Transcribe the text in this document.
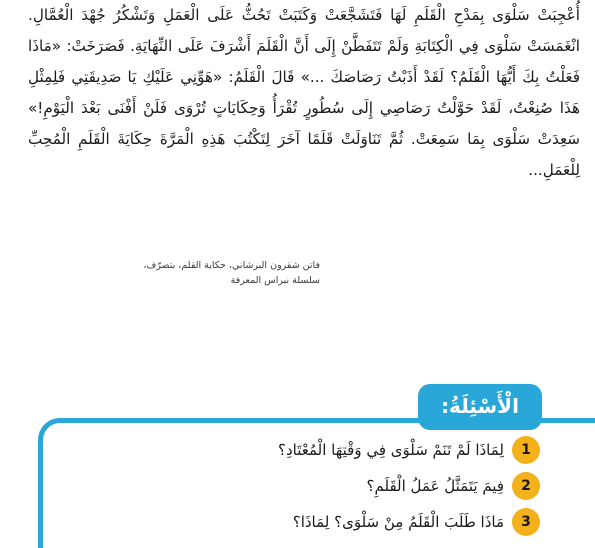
أُعْجِبَتْ سَلْوَى بِمَدْحِ الْقَلَمِ لَهَا فَتَشَجَّعَتْ وَكَتَبَتْ تَحُثُّ عَلَى الْعَمَلِ وَتَشْكُرُ جُهْدَ الْعُمَّالِ. انْغَمَسَتْ سَلْوَى فِي الْكِتَابَةِ وَلَمْ تَتَفَطَّنْ إِلَى أَنَّ الْقَلَمَ أَشْرَفَ عَلَى النِّهَايَةِ. فَصَرَخَتْ: «مَاذَا فَعَلْتُ بِكَ أَيُّهَا الْقَلَمُ؟ لَقَدْ أَذَبْتُ رَصَاصَكَ ...» قَالَ الْقَلَمُ: «هَوِّنِي عَلَيْكِ يَا صَدِيقَتِي فَلِمِثْلِ هَذَا صُنِعْتُ، لَقَدْ حَوَّلْتُ رَصَاصِي إِلَى سُطُورٍ تُقْرَأُ وَحِكَايَاتٍ تُرْوَى فَلَنْ أَفْنَى بَعْدَ الْيَوْمِ!» سَعِدَتْ سَلْوَى بِمَا سَمِعَتْ. ثُمَّ تَنَاوَلَتْ قَلَمًا آخَرَ لِتَكْتُبَ هَذِهِ الْمَرَّةَ حِكَايَةَ الْقَلَمِ الْمُحِبِّ لِلْعَمَلِ...

فاتن شقرون البرشاني، حكاية القلم، بتصرّف،
سلسلة نبراس المعرفة
الْأَسْئِلَةُ:
1
لِمَاذَا لَمْ تَنَمْ سَلْوَى فِي وَقْتِهَا الْمُعْتَادِ؟
2
فِيمَ يَتَمَثَّلُ عَمَلُ الْقَلَمِ؟
3
مَاذَا طَلَبَ الْقَلَمُ مِنْ سَلْوَى؟ لِمَاذَا؟
